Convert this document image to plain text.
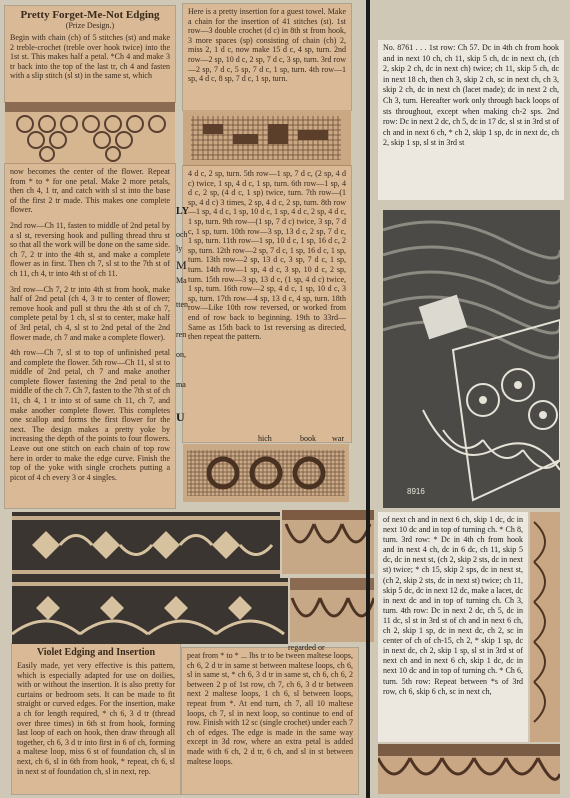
Pretty Forget-Me-Not Edging
(Prize Design.)
Begin with chain (ch) of 5 stitches (st) and make 2 treble-crochet (treble over hook twice) into the 1st st. This makes half a petal. *Ch 4 and make 3 tr back into the top of the last tr, ch 4 and fasten with a slip stitch (sl st) in the same st, which
now becomes the center of the flower. Repeat from * to * for one petal. Make 2 more petals, then ch 4, 1 tr, and catch with sl st into the base of the first 2 tr made. This makes one complete flower.
2nd row—Ch 11, fasten to middle of 2nd petal by a sl st, reversing hook and pulling thread thru st so that all the work will be done on the same side. ch 7, 2 tr into the 4th st, and make a complete flower as in first. Then ch 7, sl st to the 7th st of ch 11, ch 4, tr into 4th st of ch 11.
3rd row—Ch 7, 2 tr into 4th st from hook, make half of 2nd petal (ch 4, 3 tr to center of flower; remove hook and pull st thru the 4th st of ch 7, complete petal by 1 ch, sl st to center, make half of 3rd petal, ch 4, sl st to 2nd petal of the 2nd flower made, ch 7 and make a complete flower).
4th row—Ch 7, sl st to top of unfinished petal and complete the flower. 5th row—Ch 11, sl st to middle of 2nd petal, ch 7 and make another complete flower fastening the 2nd petal to the middle of the ch 7. Ch 7, fasten to the 7th st of ch 11, ch 4, 1 tr into st of same ch 11, ch 7, and make another complete flower. This completes one scallop and forms the first flower for the next. The design makes a pretty yoke by increasing the depth of the points to four flowers. Leave out one stitch on each chain of top row here in order to make the edge curve. Finish the top of the yoke with single crochets putting a picot of 4 ch every 3 or 4 singles.
Here is a pretty insertion for a guest towel. Make a chain for the insertion of 41 stitches (st). 1st row—3 double crochet (d c) in 8th st from hook, 3 more spaces (sp) consisting of chain (ch) 2, miss 2, 1 d c, now make 15 d c, 4 sp, turn. 2nd row—2 sp, 10 d c, 2 sp, 7 d c, 3 sp, turn. 3rd row—2 sp, 7 d c, 5 sp, 7 d c, 1 sp, turn. 4th row—1 sp, 4 d c, 8 sp, 7 d c, 1 sp, turn.
4 d c, 2 sp, turn. 5th row—1 sp, 7 d c, (2 sp, 4 d c) twice, 1 sp, 4 d c, 1 sp, turn. 6th row—1 sp, 4 d c, 2 sp, (4 d c, 1 sp) twice, turn. 7th row—(1 sp, 4 d c) 3 times, 2 sp, 4 d c, 2 sp, turn. 8th row—1 sp, 4 d c, 1 sp, 10 d c, 1 sp, 4 d c, 2 sp, 4 d c, 1 sp, turn. 9th row—(1 sp, 7 d c) twice, 3 sp, 7 d c, 1 sp, turn. 10th row—3 sp, 13 d c, 2 sp, 7 d c, 1 sp, turn. 11th row—1 sp, 10 d c, 1 sp, 16 d c, 2 sp, turn. 12th row—2 sp, 7 d c, 1 sp, 16 d c, 1 sp, turn. 13th row—2 sp, 13 d c, 3 sp, 7 d c, 1 sp, turn. 14th row—1 sp, 4 d c, 3 sp, 10 d c, 2 sp, turn. 15th row—3 sp, 13 d c, (1 sp, 4 d c) twice, 1 sp, turn. 16th row—2 sp, 4 d c, 1 sp, 10 d c, 3 sp, turn. 17th row—4 sp, 13 d c, 4 sp, turn. 18th row—Like 10th row reversed, or worked from end of row back to beginning. 19th to 33rd—Same as 15th back to 1st reversing as directed, then repeat the pattern.
LY
och
ly
M
Ma
tten
ren
on,
ma
U
hich	book war
Violet Edging and Insertion
Easily made, yet very effective is this pattern, which is especially adapted for use on doilies, with or without the insertion. It is also pretty for curtains or bedroom sets. It can be made to fit straight or curved edges. For the insertion, make a ch for length required, * ch 6, 3 d tr (thread over three times) in 6th st from hook, forming last loop of each on hook, then draw through all together, ch 6, 3 d tr into first in 6 of ch, forming a maltese loop, miss 6 st of foundation ch, sl in next, ch 6, sl in 6th from hook, * repeat, ch 6, sl in next st of foundation ch, sl in next, rep.
peat from * to * ... lbs tr to be tween maltese loops, ch 6, 2 d tr in same st between maltese loops, ch 6, sl in same st, * ch 6, 3 d tr in same st, ch 6, ch 6, 2 between 2 p of 1st row, ch 7, ch 6, 3 d tr between next 2 maltese loops, 1 ch 6, sl between loops, repeat from *. At end turn, ch 7, all 10 maltese loops, ch 7, sl in next loop, so continue to end of row. Finish with 12 sc (single crochet) under each 7 ch of edges. The edge is made in the same way except in 3d row, where an extra petal is added made with 6 ch, 2 d tr, 6 ch, and sl in st between maltese loops.
regarded or
No. 8761 . . . 1st row: Ch 57. Dc in 4th ch from hook and in next 10 ch, ch 11, skip 5 ch, dc in next ch, (ch 2, skip 2 ch, dc in next ch) twice; ch 11, skip 5 ch, dc in next 18 ch, then ch 3, skip 2 ch, sc in next ch, ch 3, skip 2 ch, dc in next ch (lacet made); dc in next 2 ch, Ch 3, turn. Hereafter work only through back loops of sts throughout, except when making ch-2 sps. 2nd row: Dc in next 2 dc, ch 5, dc in 17 dc, sl st in 3rd st of ch and in next 6 ch, * ch 2, skip 1 sp, dc in next dc, ch 2, skip 1 sp, sl st in 3rd st
8916
of next ch and in next 6 ch, skip 1 dc, dc in next 10 dc and in top of turning ch. * Ch 8, turn. 3rd row: * Dc in 4th ch from hook and in next 4 ch, dc in 6 dc, ch 11, skip 5 dc, dc in next st, (ch 2, skip 2 sts, dc in next st) twice; * ch 15, skip 2 sps, dc in next st, (ch 2, skip 2 sts, dc in next st) twice; ch 11, skip 5 dc, dc in next 12 dc, make a lacet, dc in next dc and in top of turning ch. Ch 3, turn. 4th row: Dc in next 2 dc, ch 5, dc in 11 dc, sl st in 3rd st of ch and in next 6 ch, ch 2, skip 1 sp, dc in next dc, ch 2, sc in center of ch of ch-15, ch 2, * skip 1 sp, dc in next dc, ch 2, skip 1 sp, sl st in 3rd st of next ch and in next 6 ch, skip 1 dc, dc in next 10 dc and in top of turning ch. * Ch 6, turn. 5th row: Repeat between *s of 3rd row, ch 6, skip 6 ch, sc in next ch,
